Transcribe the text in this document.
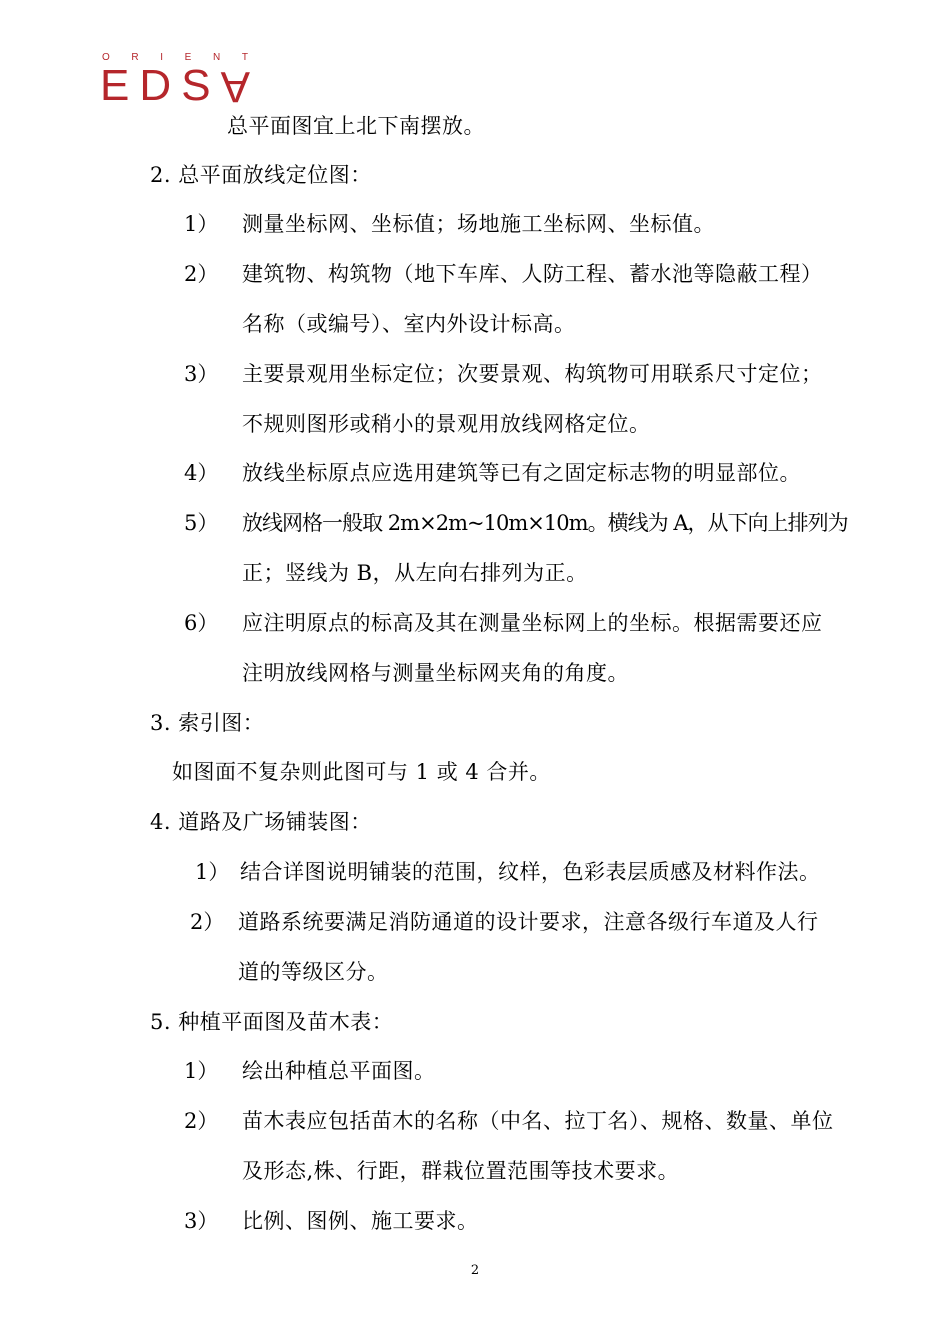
O R I E N T
E D S A
总平面图宜上北下南摆放。
2. 总平面放线定位图：
1） 测量坐标网、坐标值；场地施工坐标网、坐标值。
2） 建筑物、构筑物（地下车库、人防工程、蓄水池等隐蔽工程）
名称（或编号）、室内外设计标高。
3） 主要景观用坐标定位；次要景观、构筑物可用联系尺寸定位；
不规则图形或稍小的景观用放线网格定位。
4） 放线坐标原点应选用建筑等已有之固定标志物的明显部位。
5） 放线网格一般取 2m×2m~10m×10m。横线为 A，从下向上排列为
正；竖线为 B，从左向右排列为正。
6） 应注明原点的标高及其在测量坐标网上的坐标。根据需要还应
注明放线网格与测量坐标网夹角的角度。
3. 索引图：
如图面不复杂则此图可与 1 或 4 合并。
4. 道路及广场铺装图：
1） 结合详图说明铺装的范围，纹样，色彩表层质感及材料作法。
2） 道路系统要满足消防通道的设计要求，注意各级行车道及人行
道的等级区分。
5. 种植平面图及苗木表：
1） 绘出种植总平面图。
2） 苗木表应包括苗木的名称（中名、拉丁名）、规格、数量、单位
及形态,株、行距，群栽位置范围等技术要求。
3） 比例、图例、施工要求。
2
